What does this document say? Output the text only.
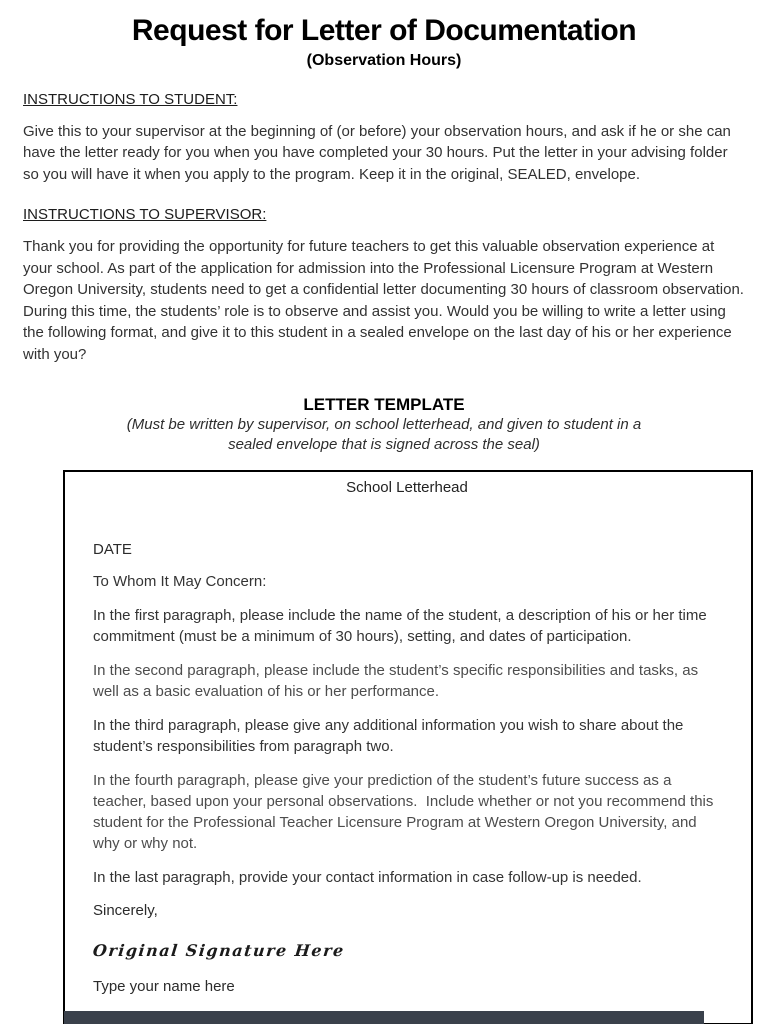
Request for Letter of Documentation
(Observation Hours)
INSTRUCTIONS TO STUDENT:

Give this to your supervisor at the beginning of (or before) your observation hours, and ask if he or she can have the letter ready for you when you have completed your 30 hours. Put the letter in your advising folder so you will have it when you apply to the program. Keep it in the original, SEALED, envelope.

INSTRUCTIONS TO SUPERVISOR:

Thank you for providing the opportunity for future teachers to get this valuable observation experience at your school. As part of the application for admission into the Professional Licensure Program at Western Oregon University, students need to get a confidential letter documenting 30 hours of classroom observation. During this time, the students’ role is to observe and assist you. Would you be willing to write a letter using the following format, and give it to this student in a sealed envelope on the last day of his or her experience with you?

LETTER TEMPLATE
(Must be written by supervisor, on school letterhead, and given to student in a
sealed envelope that is signed across the seal)
School Letterhead
DATE

To Whom It May Concern:

In the first paragraph, please include the name of the student, a description of his or her time commitment (must be a minimum of 30 hours), setting, and dates of participation.

In the second paragraph, please include the student’s specific responsibilities and tasks, as well as a basic evaluation of his or her performance.

In the third paragraph, please give any additional information you wish to share about the student’s responsibilities from paragraph two.

In the fourth paragraph, please give your prediction of the student’s future success as a teacher, based upon your personal observations.  Include whether or not you recommend this student for the Professional Teacher Licensure Program at Western Oregon University, and why or why not.

In the last paragraph, provide your contact information in case follow-up is needed.

Sincerely,
Original Signature Here
Type your name here
